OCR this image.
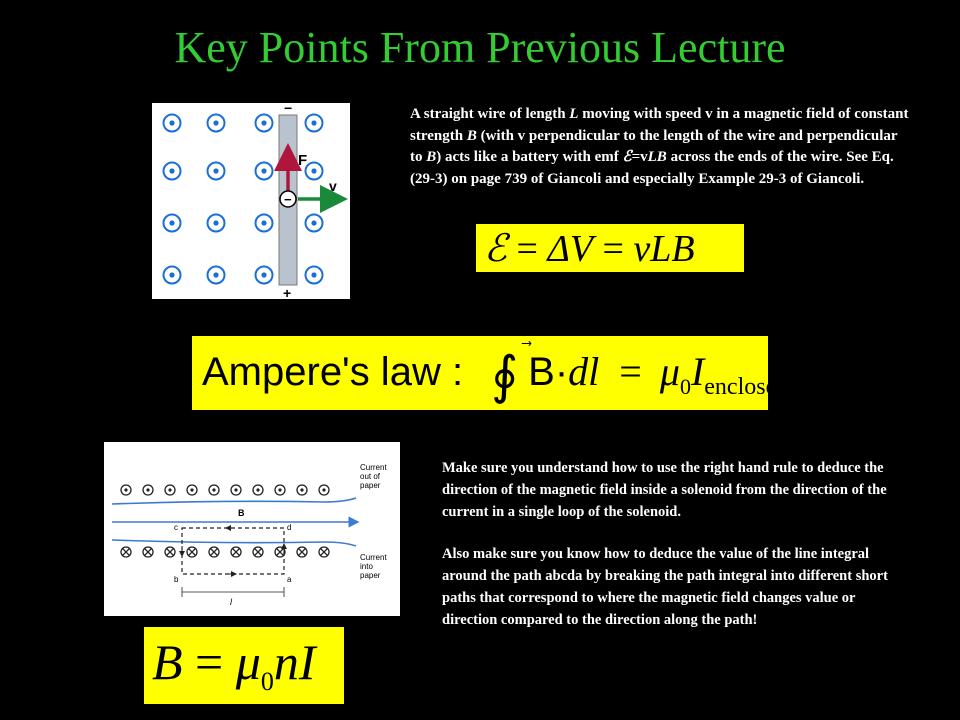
Key Points From Previous Lecture
−
+
F
−
v

A straight wire of length L moving with speed v in a magnetic field of constant strength B (with v perpendicular to the length of the wire and perpendicular to B) acts like a battery with emf ℰ=vLB across the ends of the wire. See Eq. (29-3) on page 739 of Giancoli and especially Example 29-3 of Giancoli.

ℰ = ΔV = vLB
Ampere's law : ∮ B
$\cdot dl = \mu_0I_{enclosed}$
B
c	d
b	a
l
Current out of paper
Current into paper
$B = \mu_0nI$

Make sure you understand how to use the right hand rule to deduce the direction of the magnetic field inside a solenoid from the direction of the current in a single loop of the solenoid.

Also make sure you know how to deduce the value of the line integral around the path abcda by breaking the path integral into different short paths that correspond to where the magnetic field changes value or direction compared to the direction along the path!
